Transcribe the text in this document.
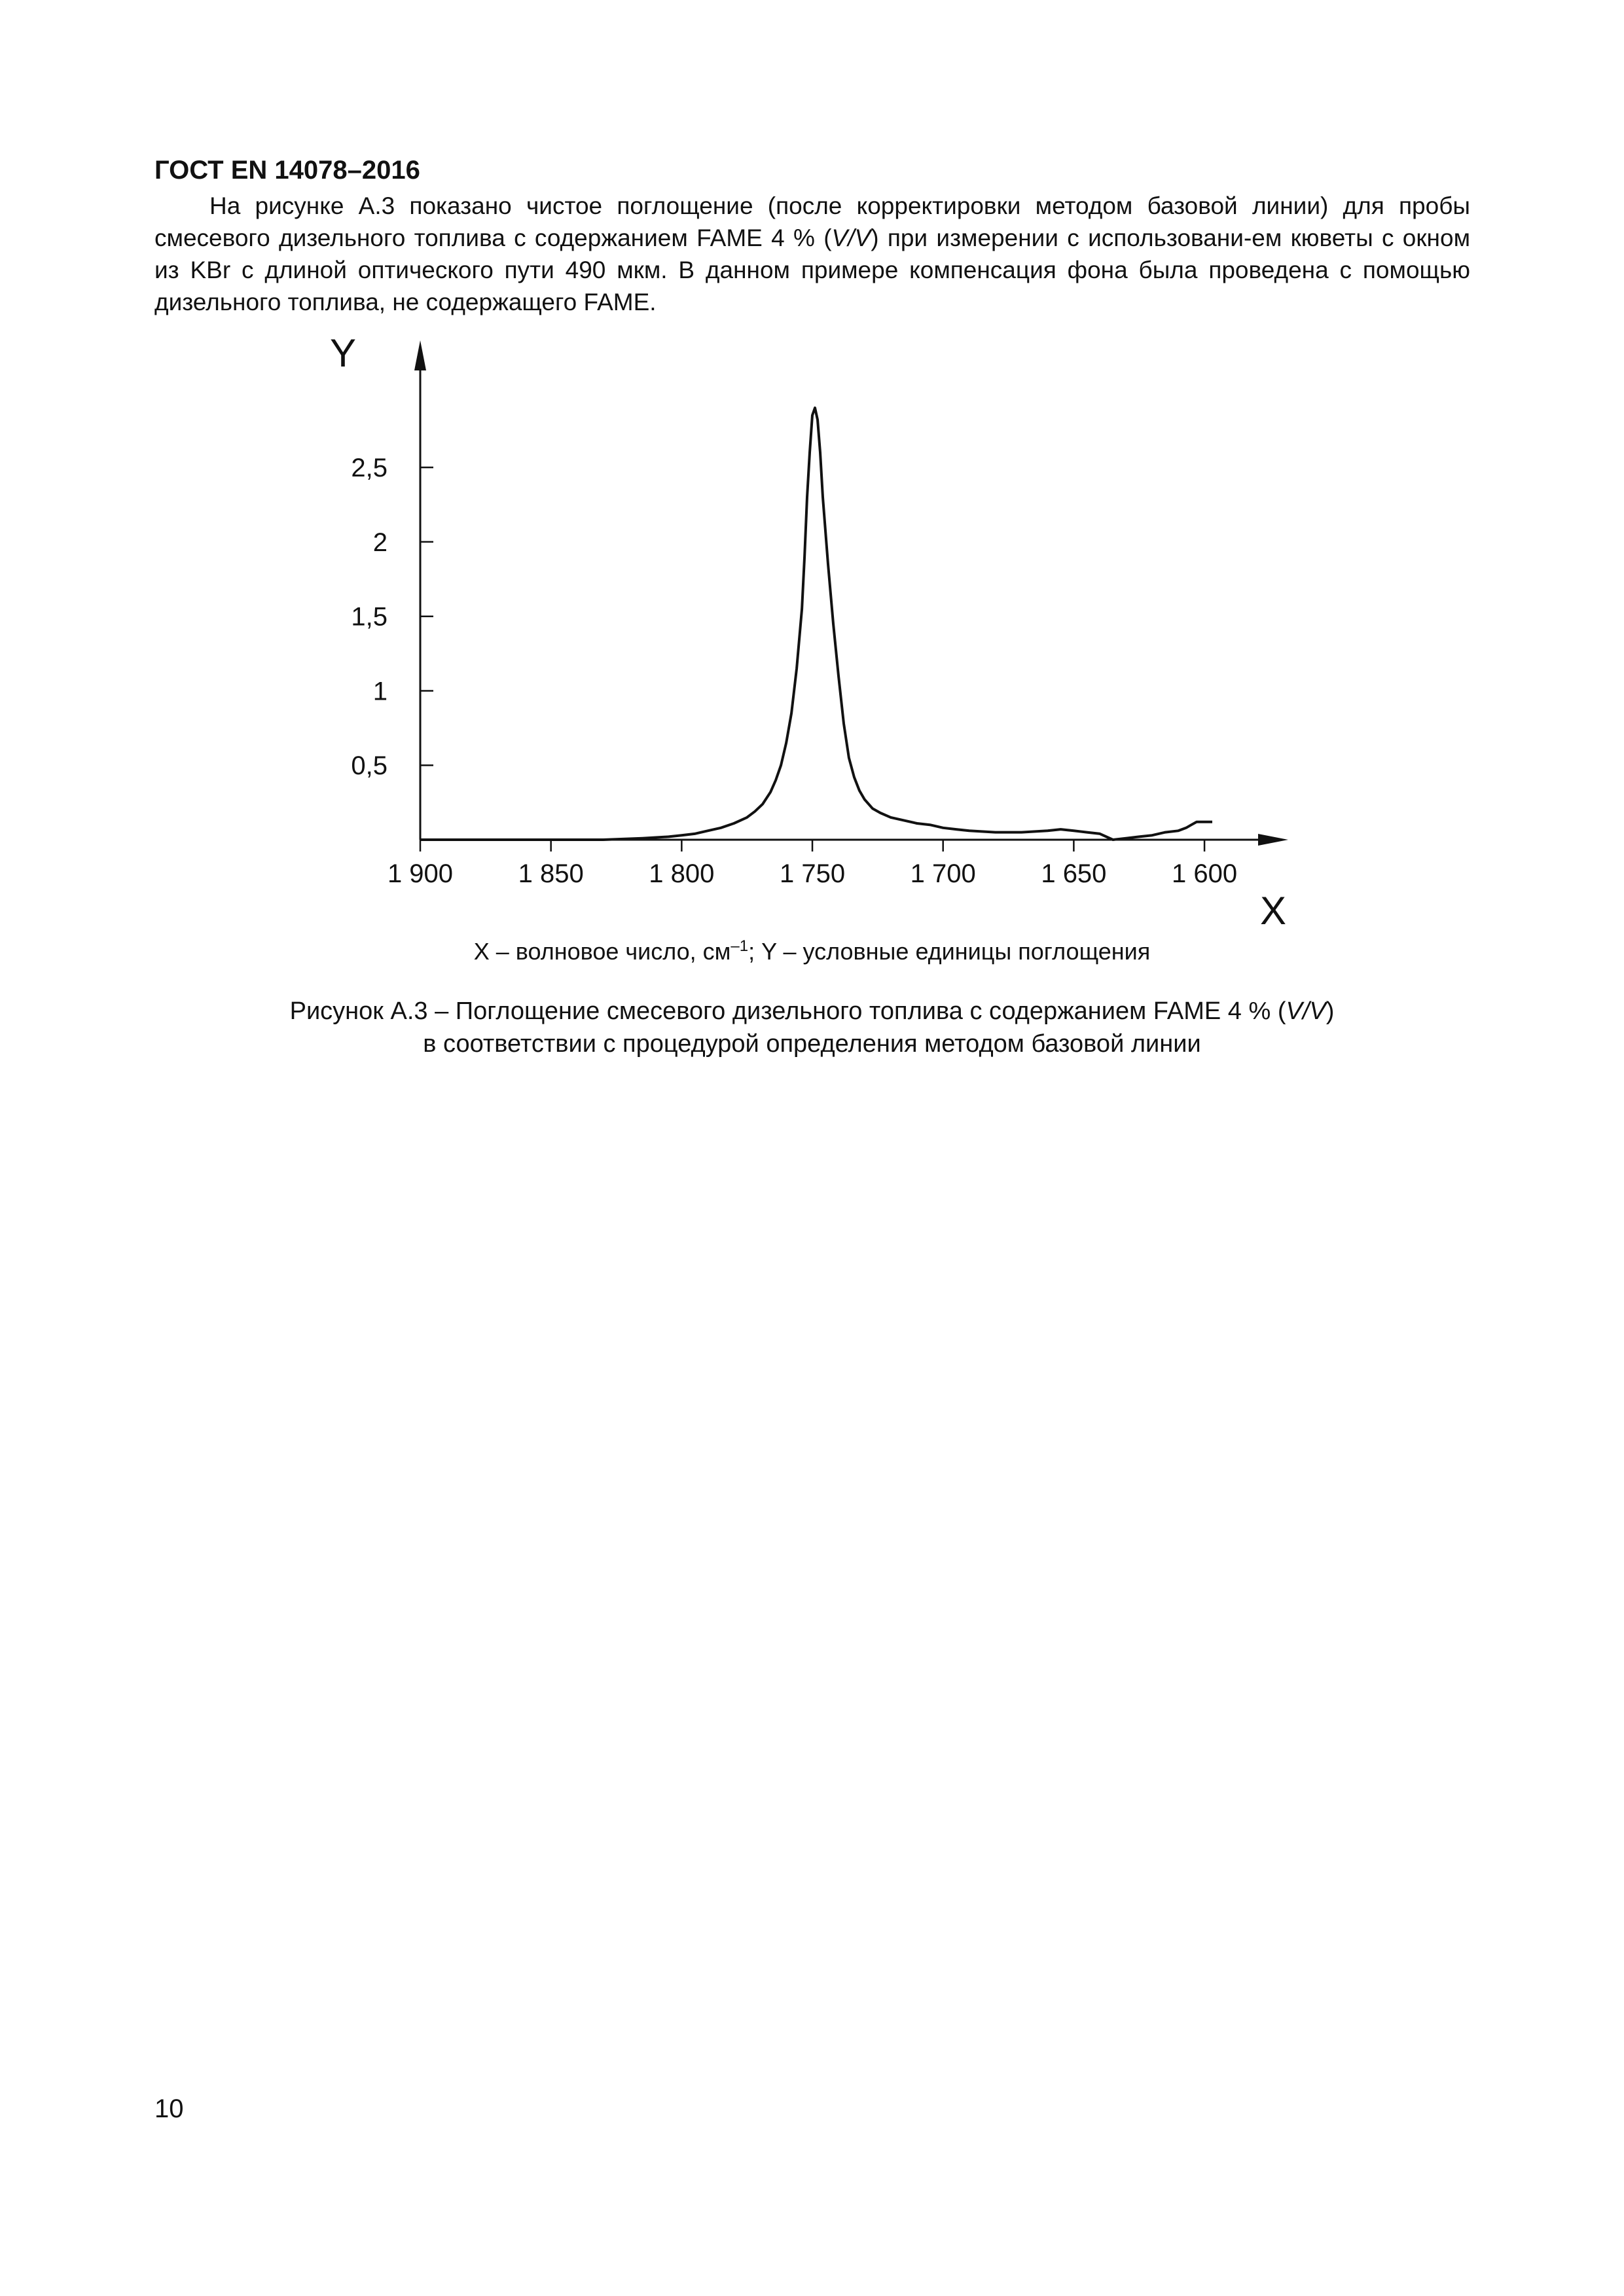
ГОСТ EN 14078–2016
На рисунке А.3 показано чистое поглощение (после корректировки методом базовой линии) для пробы смесевого дизельного топлива с содержанием FAME 4 % (V/V) при измерении с использовани-ем кюветы с окном из KBr с длиной оптического пути 490 мкм. В данном примере компенсация фона была проведена с помощью дизельного топлива, не содержащего FAME.
Y
X
1 900 1 850 1 800 1 750 1 700 1 650 1 600
0,5
1
1,5
2
2,5
X – волновое число, $см^{-1}$; Y – условные единицы поглощения
Рисунок А.3 – Поглощение смесевого дизельного топлива с содержанием FAME 4 % (V/V)
в соответствии с процедурой определения методом базовой линии
10
